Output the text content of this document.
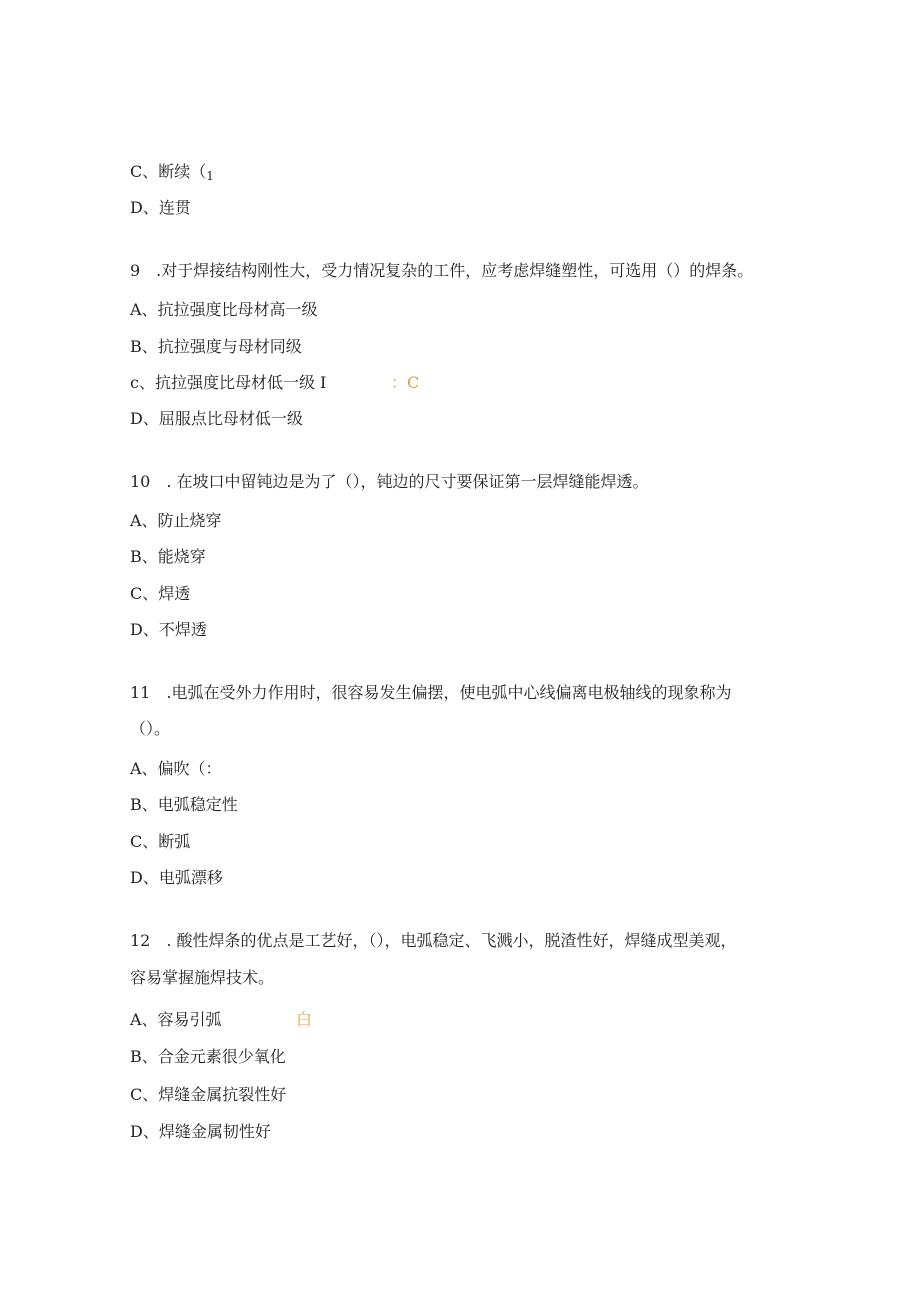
C、断续（1
D、连贯
9　.对于焊接结构刚性大，受力情况复杂的工件，应考虑焊缝塑性，可选用（）的焊条。
A、抗拉强度比母材高一级
B、抗拉强度与母材同级
c、抗拉强度比母材低一级 I	：C
D、屈服点比母材低一级
10　. 在坡口中留钝边是为了（），钝边的尺寸要保证第一层焊缝能焊透。
A、防止烧穿
B、能烧穿
C、焊透
D、不焊透
11　.电弧在受外力作用时，很容易发生偏摆，使电弧中心线偏离电极轴线的现象称为
（）。
A、偏吹（：
B、电弧稳定性
C、断弧
D、电弧漂移
12　. 酸性焊条的优点是工艺好，（），电弧稳定、飞溅小，脱渣性好，焊缝成型美观，
容易掌握施焊技术。
A、容易引弧	白
B、合金元素很少氧化
C、焊缝金属抗裂性好
D、焊缝金属韧性好
